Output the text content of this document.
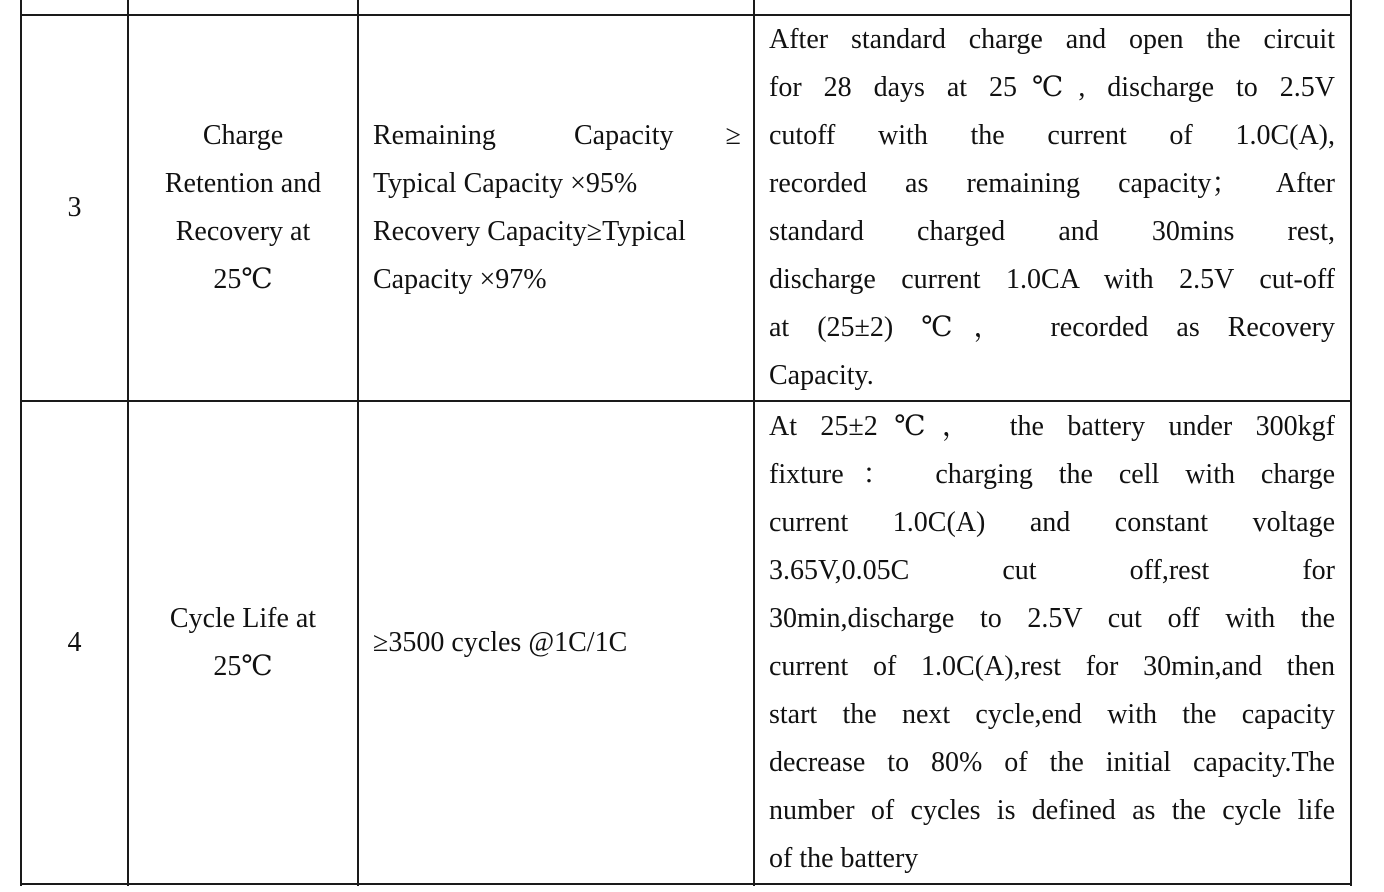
3
Charge
Retention and
Recovery at
25℃
Remaining   Capacity  ≥
Typical Capacity ×95%
Recovery Capacity≥Typical
Capacity ×97%
After standard charge and open the circuit
for 28 days at 25℃, discharge to 2.5V
cutoff with the current of 1.0C(A),
recorded as remaining capacity； After
standard charged and 30mins rest,
discharge current 1.0CA with 2.5V cut-off
at (25±2) ℃， recorded as Recovery
Capacity.
4
Cycle Life at
25℃
≥3500 cycles @1C/1C
At 25±2℃， the battery under 300kgf
fixture： charging the cell with charge
current 1.0C(A) and constant voltage
3.65V,0.05C cut off,rest for
30min,discharge to 2.5V cut off with the
current of 1.0C(A),rest for 30min,and then
start the next cycle,end with the capacity
decrease to 80% of the initial capacity.The
number of cycles is defined as the cycle life
of the battery
